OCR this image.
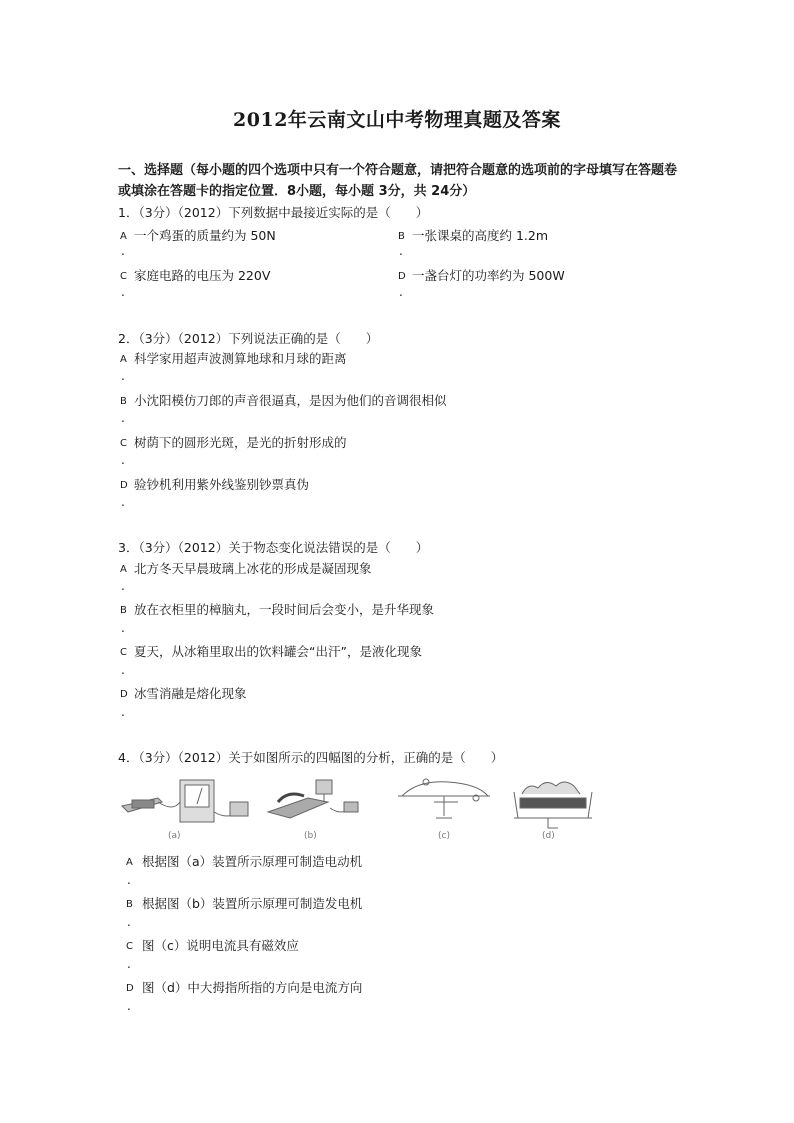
2012年云南文山中考物理真题及答案
一、选择题（每小题的四个选项中只有一个符合题意，请把符合题意的选项前的字母填写在答题卷或填涂在答题卡的指定位置．8小题，每小题 3分，共 24分）
1．（3分）（2012）下列数据中最接近实际的是（　　）
A 一个鸡蛋的质量约为 50N
.
B 一张课桌的高度约 1.2m
.
C 家庭电路的电压为 220V
.
D 一盏台灯的功率约为 500W
.
2．（3分）（2012）下列说法正确的是（　　）
A 科学家用超声波测算地球和月球的距离
.
B 小沈阳模仿刀郎的声音很逼真，是因为他们的音调很相似
.
C 树荫下的圆形光斑，是光的折射形成的
.
D 验钞机利用紫外线鉴别钞票真伪
.
3．（3分）（2012）关于物态变化说法错误的是（　　）
A 北方冬天早晨玻璃上冰花的形成是凝固现象
.
B 放在衣柜里的樟脑丸，一段时间后会变小，是升华现象
.
C 夏天，从冰箱里取出的饮料罐会“出汗”，是液化现象
.
D 冰雪消融是熔化现象
.
4．（3分）（2012）关于如图所示的四幅图的分析，正确的是（　　）
(a)	(b)	(c)	(d)
A 根据图（a）装置所示原理可制造电动机
.
B 根据图（b）装置所示原理可制造发电机
.
C 图（c）说明电流具有磁效应
.
D 图（d）中大拇指所指的方向是电流方向
.
